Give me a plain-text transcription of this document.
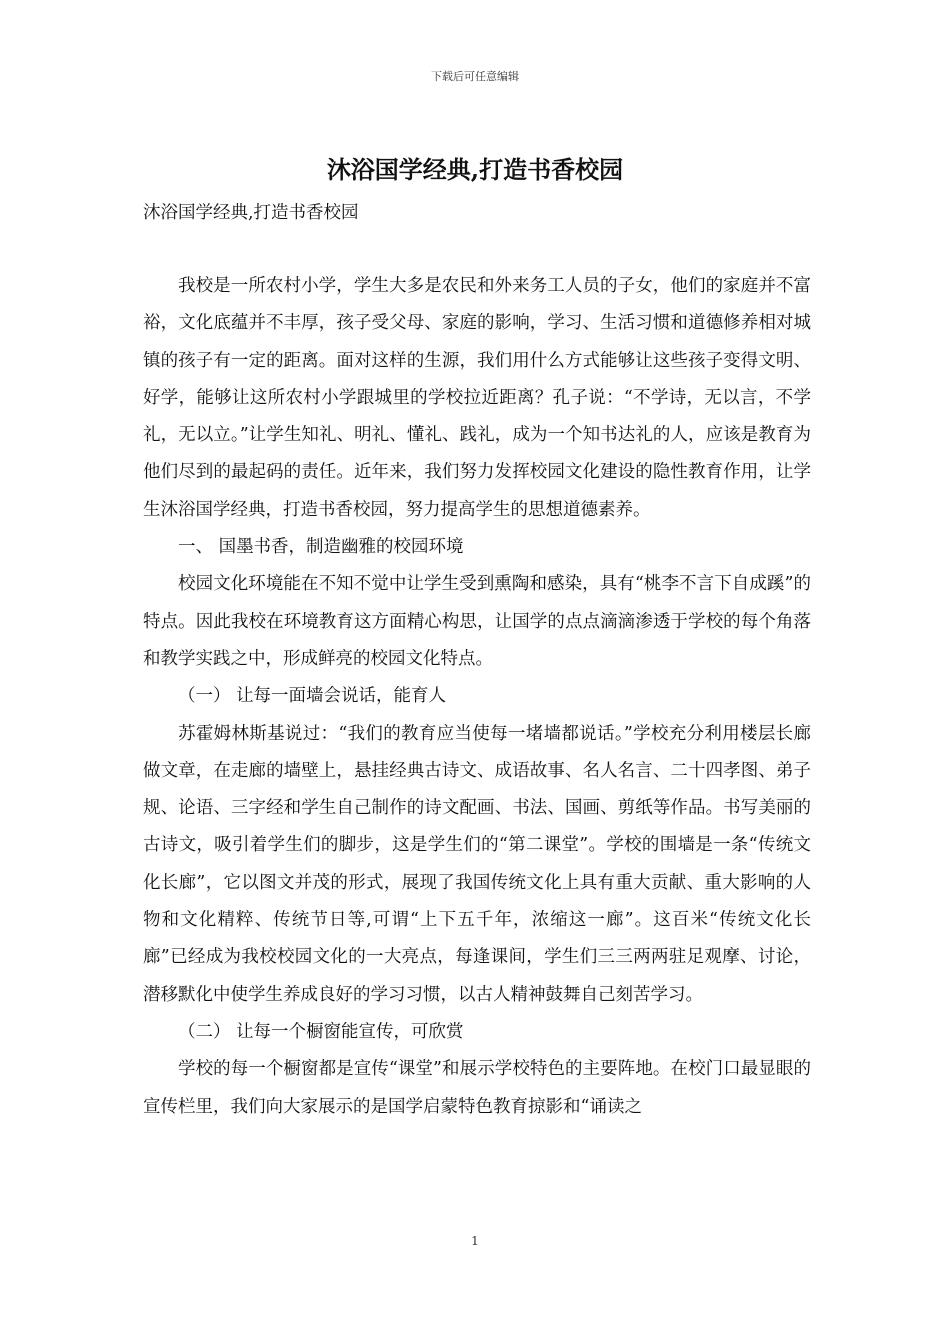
下载后可任意编辑
沐浴国学经典,打造书香校园
沐浴国学经典,打造书香校园

我校是一所农村小学，学生大多是农民和外来务工人员的子女，他们的家庭并不富裕，文化底蕴并不丰厚，孩子受父母、家庭的影响，学习、生活习惯和道德修养相对城镇的孩子有一定的距离。面对这样的生源，我们用什么方式能够让这些孩子变得文明、好学，能够让这所农村小学跟城里的学校拉近距离？孔子说：“不学诗，无以言，不学礼，无以立。”让学生知礼、明礼、懂礼、践礼，成为一个知书达礼的人，应该是教育为他们尽到的最起码的责任。近年来，我们努力发挥校园文化建设的隐性教育作用，让学生沐浴国学经典，打造书香校园，努力提高学生的思想道德素养。

一、 国墨书香，制造幽雅的校园环境

校园文化环境能在不知不觉中让学生受到熏陶和感染，具有“桃李不言下自成蹊”的特点。因此我校在环境教育这方面精心构思，让国学的点点滴滴渗透于学校的每个角落和教学实践之中，形成鲜亮的校园文化特点。

（一） 让每一面墙会说话，能育人

苏霍姆林斯基说过：“我们的教育应当使每一堵墙都说话。”学校充分利用楼层长廊做文章，在走廊的墙壁上，悬挂经典古诗文、成语故事、名人名言、二十四孝图、弟子规、论语、三字经和学生自己制作的诗文配画、书法、国画、剪纸等作品。书写美丽的古诗文，吸引着学生们的脚步，这是学生们的“第二课堂”。学校的围墙是一条“传统文化长廊”，它以图文并茂的形式，展现了我国传统文化上具有重大贡献、重大影响的人物和文化精粹、传统节日等,可谓“上下五千年，浓缩这一廊”。这百米“传统文化长廊”已经成为我校校园文化的一大亮点，每逢课间，学生们三三两两驻足观摩、讨论，潜移默化中使学生养成良好的学习习惯，以古人精神鼓舞自己刻苦学习。

（二） 让每一个橱窗能宣传，可欣赏

学校的每一个橱窗都是宣传“课堂”和展示学校特色的主要阵地。在校门口最显眼的宣传栏里，我们向大家展示的是国学启蒙特色教育掠影和“诵读之

1
